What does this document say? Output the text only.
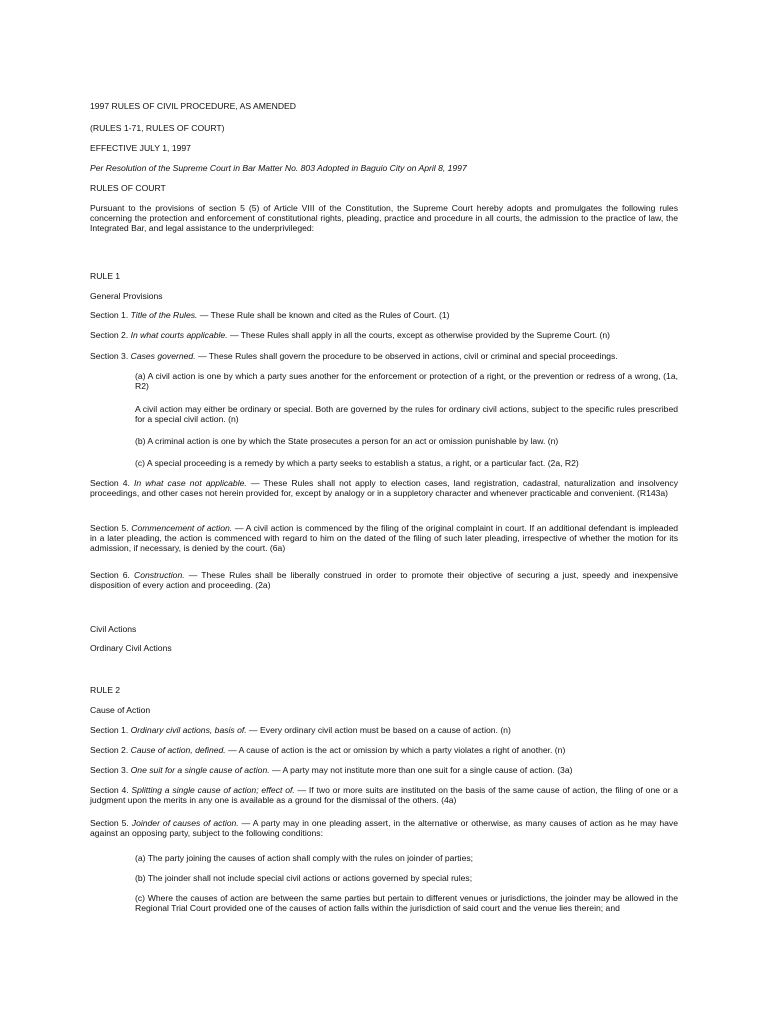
1997 RULES OF CIVIL PROCEDURE, AS AMENDED

(RULES 1-71, RULES OF COURT)

EFFECTIVE JULY 1, 1997

Per Resolution of the Supreme Court in Bar Matter No. 803 Adopted in Baguio City on April 8, 1997

RULES OF COURT

Pursuant to the provisions of section 5 (5) of Article VIII of the Constitution, the Supreme Court hereby adopts and promulgates the following rules concerning the protection and enforcement of constitutional rights, pleading, practice and procedure in all courts, the admission to the practice of law, the Integrated Bar, and legal assistance to the underprivileged:

RULE 1

General Provisions

Section 1. Title of the Rules. — These Rule shall be known and cited as the Rules of Court. (1)

Section 2. In what courts applicable. — These Rules shall apply in all the courts, except as otherwise provided by the Supreme Court. (n)

Section 3. Cases governed. — These Rules shall govern the procedure to be observed in actions, civil or criminal and special proceedings.

(a) A civil action is one by which a party sues another for the enforcement or protection of a right, or the prevention or redress of a wrong, (1a, R2)

A civil action may either be ordinary or special. Both are governed by the rules for ordinary civil actions, subject to the specific rules prescribed for a special civil action. (n)

(b) A criminal action is one by which the State prosecutes a person for an act or omission punishable by law. (n)

(c) A special proceeding is a remedy by which a party seeks to establish a status, a right, or a particular fact. (2a, R2)

Section 4. In what case not applicable. — These Rules shall not apply to election cases, land registration, cadastral, naturalization and insolvency proceedings, and other cases not herein provided for, except by analogy or in a suppletory character and whenever practicable and convenient. (R143a)

Section 5. Commencement of action. — A civil action is commenced by the filing of the original complaint in court. If an additional defendant is impleaded in a later pleading, the action is commenced with regard to him on the dated of the filing of such later pleading, irrespective of whether the motion for its admission, if necessary, is denied by the court. (6a)

Section 6. Construction. — These Rules shall be liberally construed in order to promote their objective of securing a just, speedy and inexpensive disposition of every action and proceeding. (2a)

Civil Actions

Ordinary Civil Actions

RULE 2

Cause of Action

Section 1. Ordinary civil actions, basis of. — Every ordinary civil action must be based on a cause of action. (n)

Section 2. Cause of action, defined. — A cause of action is the act or omission by which a party violates a right of another. (n)

Section 3. One suit for a single cause of action. — A party may not institute more than one suit for a single cause of action. (3a)

Section 4. Splitting a single cause of action; effect of. — If two or more suits are instituted on the basis of the same cause of action, the filing of one or a judgment upon the merits in any one is available as a ground for the dismissal of the others. (4a)

Section 5. Joinder of causes of action. — A party may in one pleading assert, in the alternative or otherwise, as many causes of action as he may have against an opposing party, subject to the following conditions:

(a) The party joining the causes of action shall comply with the rules on joinder of parties;

(b) The joinder shall not include special civil actions or actions governed by special rules;

(c) Where the causes of action are between the same parties but pertain to different venues or jurisdictions, the joinder may be allowed in the Regional Trial Court provided one of the causes of action falls within the jurisdiction of said court and the venue lies therein; and
